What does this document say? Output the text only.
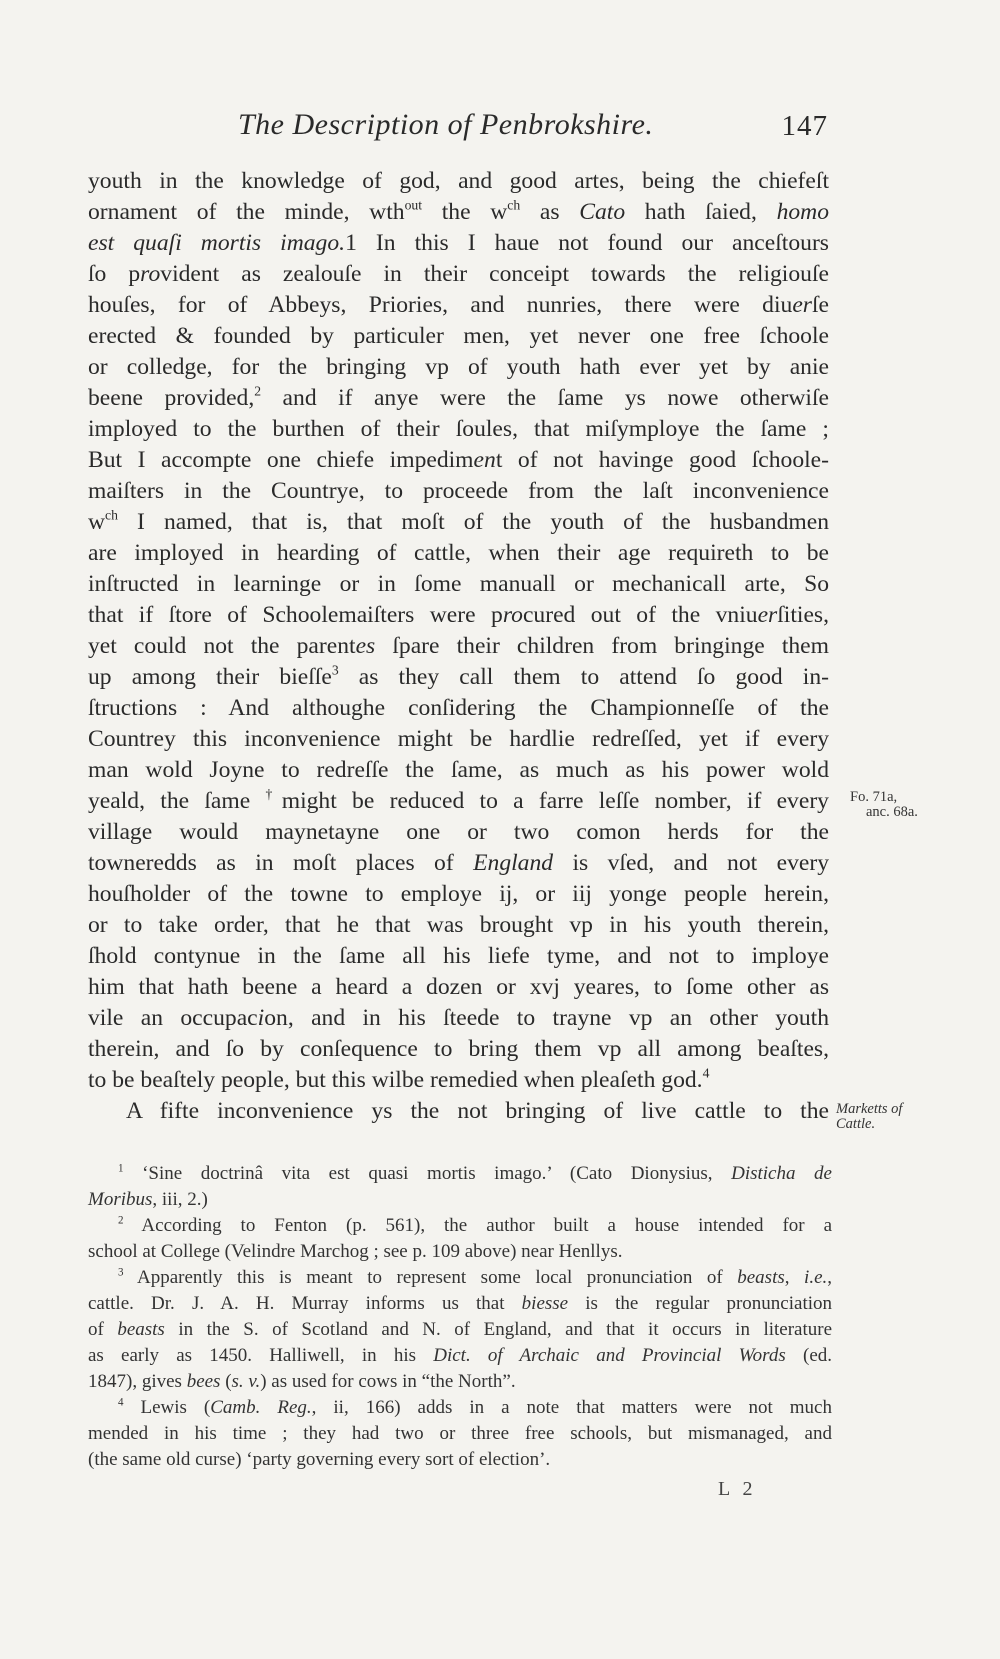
The Description of Penbrokshire.	147
youth in the knowledge of god, and good artes, being the chiefeſt
ornament of the minde, wth$^{out}$ the $w^{ch}$ as Cato hath ſaied, homo
est quaſi mortis imago.1 In this I haue not found our anceſtours
ſo provident as zealouſe in their conceipt towards the religiouſe
houſes, for of Abbeys, Priories, and nunries, there were diuerſe
erected & founded by particuler men, yet never one free ſchoole
or colledge, for the bringing vp of youth hath ever yet by anie
beene provided,$^2$ and if anye were the ſame ys nowe otherwiſe
imployed to the burthen of their ſoules, that miſymploye the ſame ;
But I accompte one chiefe impediment of not havinge good ſchoole-
maiſters in the Countrye, to proceede from the laſt inconvenience
$w^{ch}$ I named, that is, that moſt of the youth of the husbandmen
are imployed in hearding of cattle, when their age requireth to be
inſtructed in learninge or in ſome manuall or mechanicall arte, So
that if ſtore of Schoolemaiſters were procured out of the vniuerſities,
yet could not the parentes ſpare their children from bringinge them
up among their bieſſe$^3$ as they call them to attend ſo good in-
ſtructions : And althoughe conſidering the Championneſſe of the
Countrey this inconvenience might be hardlie redreſſed, yet if every
man wold Joyne to redreſſe the ſame, as much as his power wold
yeald, the ſame †might be reduced to a farre leſſe nomber, if every
village would maynetayne one or two comon herds for the
towneredds as in moſt places of England is vſed, and not every
houſholder of the towne to employe ij, or iij yonge people herein,
or to take order, that he that was brought vp in his youth therein,
ſhold contynue in the ſame all his liefe tyme, and not to imploye
him that hath beene a heard a dozen or xvj yeares, to ſome other as
vile an occupacion, and in his ſteede to trayne vp an other youth
therein, and ſo by conſequence to bring them vp all among beaſtes,
to be beaſtely people, but this wilbe remedied when pleaſeth god.$^4$
A fifte inconvenience ys the not bringing of live cattle to the
Fo. 71a,
anc. 68a.
Marketts of
Cattle.
$^1$ ‘Sine doctrinâ vita est quasi mortis imago.’ (Cato Dionysius, Disticha de
Moribus, iii, 2.)
$^2$ According to Fenton (p. 561), the author built a house intended for a
school at College (Velindre Marchog ; see p. 109 above) near Henllys.
$^3$ Apparently this is meant to represent some local pronunciation of beasts, i.e.,
cattle. Dr. J. A. H. Murray informs us that biesse is the regular pronunciation
of beasts in the S. of Scotland and N. of England, and that it occurs in literature
as early as 1450. Halliwell, in his Dict. of Archaic and Provincial Words (ed.
1847), gives bees (s. v.) as used for cows in “the North”.
$^4$ Lewis (Camb. Reg., ii, 166) adds in a note that matters were not much
mended in his time ; they had two or three free schools, but mismanaged, and
(the same old curse) ‘party governing every sort of election’.
L 2
